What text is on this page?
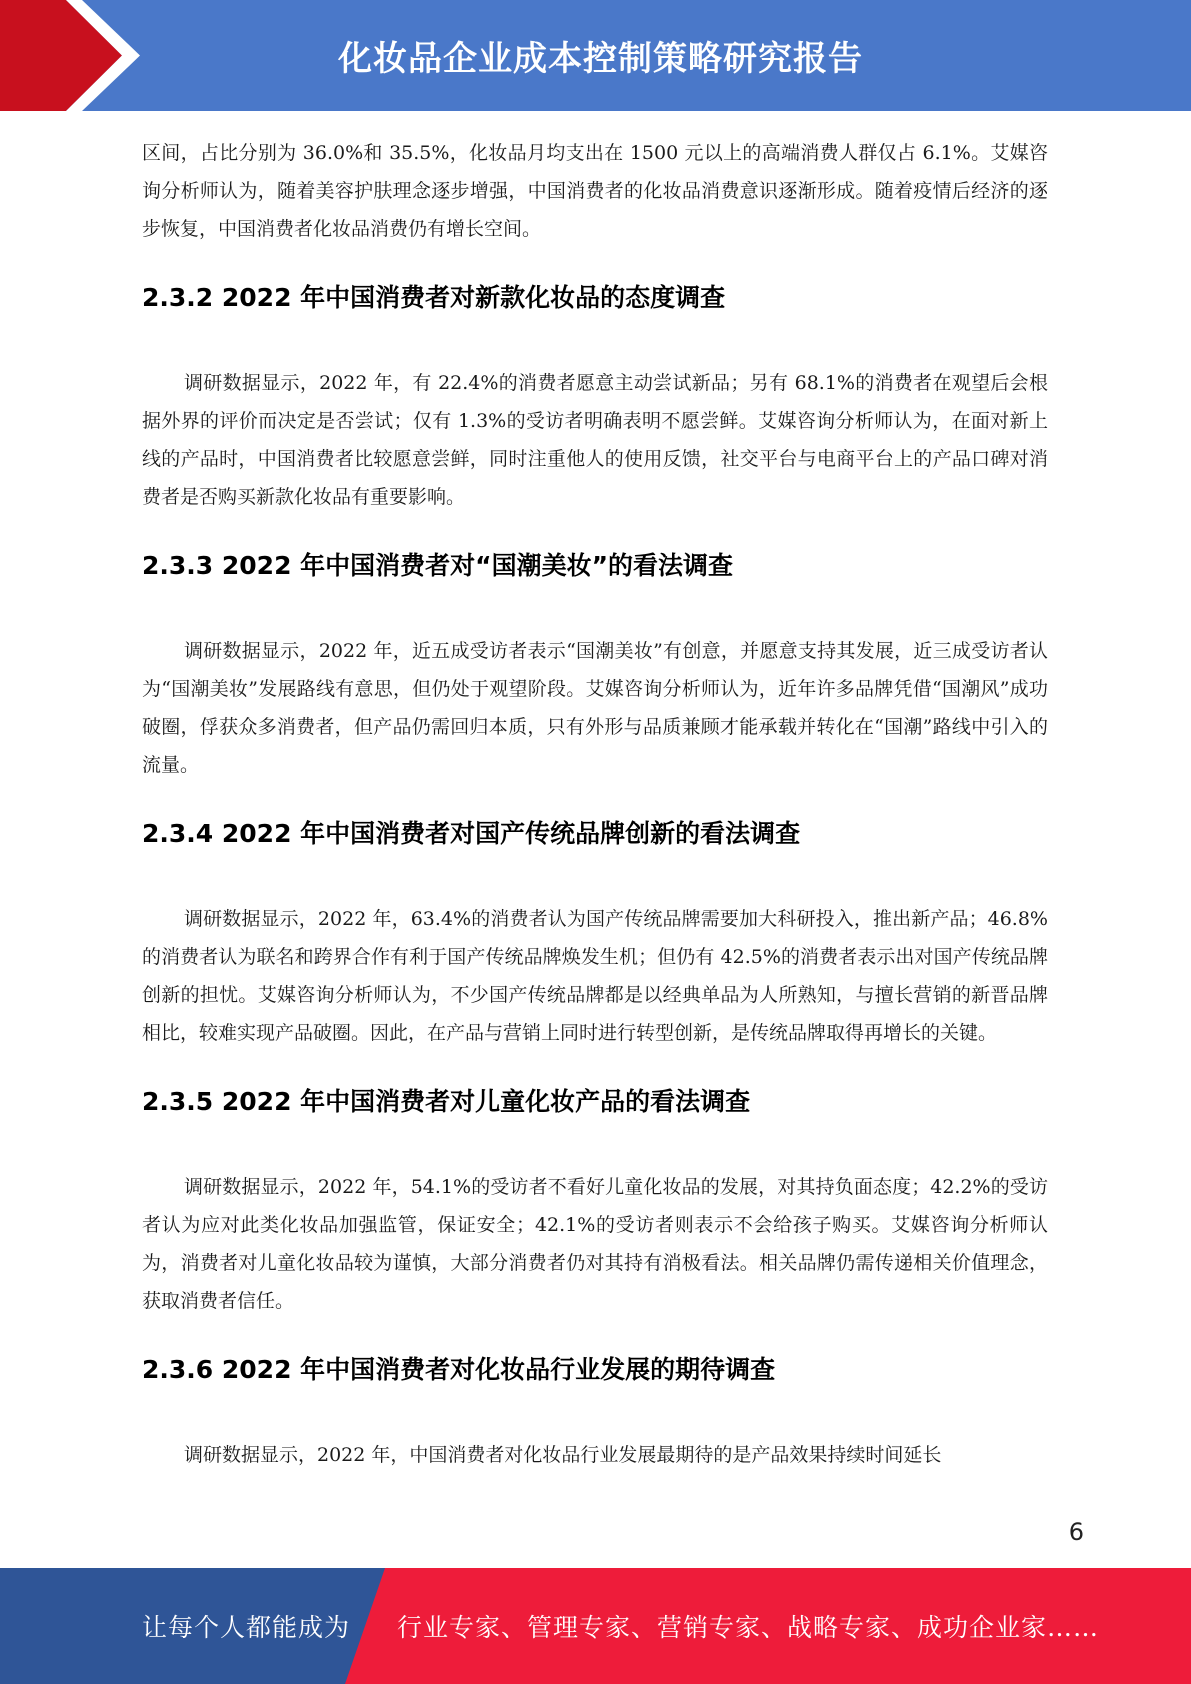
化妆品企业成本控制策略研究报告

区间，占比分别为 36.0%和 35.5%，化妆品月均支出在 1500 元以上的高端消费人群仅占 6.1%。艾媒咨询分析师认为，随着美容护肤理念逐步增强，中国消费者的化妆品消费意识逐渐形成。随着疫情后经济的逐步恢复，中国消费者化妆品消费仍有增长空间。

2.3.2 2022 年中国消费者对新款化妆品的态度调查

调研数据显示，2022 年，有 22.4%的消费者愿意主动尝试新品；另有 68.1%的消费者在观望后会根据外界的评价而决定是否尝试；仅有 1.3%的受访者明确表明不愿尝鲜。艾媒咨询分析师认为，在面对新上线的产品时，中国消费者比较愿意尝鲜，同时注重他人的使用反馈，社交平台与电商平台上的产品口碑对消费者是否购买新款化妆品有重要影响。

2.3.3 2022 年中国消费者对“国潮美妆”的看法调查

调研数据显示，2022 年，近五成受访者表示“国潮美妆”有创意，并愿意支持其发展，近三成受访者认为“国潮美妆”发展路线有意思，但仍处于观望阶段。艾媒咨询分析师认为，近年许多品牌凭借“国潮风”成功破圈，俘获众多消费者，但产品仍需回归本质，只有外形与品质兼顾才能承载并转化在“国潮”路线中引入的流量。

2.3.4 2022 年中国消费者对国产传统品牌创新的看法调查

调研数据显示，2022 年，63.4%的消费者认为国产传统品牌需要加大科研投入，推出新产品；46.8%的消费者认为联名和跨界合作有利于国产传统品牌焕发生机；但仍有 42.5%的消费者表示出对国产传统品牌创新的担忧。艾媒咨询分析师认为，不少国产传统品牌都是以经典单品为人所熟知，与擅长营销的新晋品牌相比，较难实现产品破圈。因此，在产品与营销上同时进行转型创新，是传统品牌取得再增长的关键。

2.3.5 2022 年中国消费者对儿童化妆产品的看法调查

调研数据显示，2022 年，54.1%的受访者不看好儿童化妆品的发展，对其持负面态度；42.2%的受访者认为应对此类化妆品加强监管，保证安全；42.1%的受访者则表示不会给孩子购买。艾媒咨询分析师认为，消费者对儿童化妆品较为谨慎，大部分消费者仍对其持有消极看法。相关品牌仍需传递相关价值理念，获取消费者信任。

2.3.6 2022 年中国消费者对化妆品行业发展的期待调查

调研数据显示，2022 年，中国消费者对化妆品行业发展最期待的是产品效果持续时间延长

6
让每个人都能成为	行业专家、管理专家、营销专家、战略专家、成功企业家……
